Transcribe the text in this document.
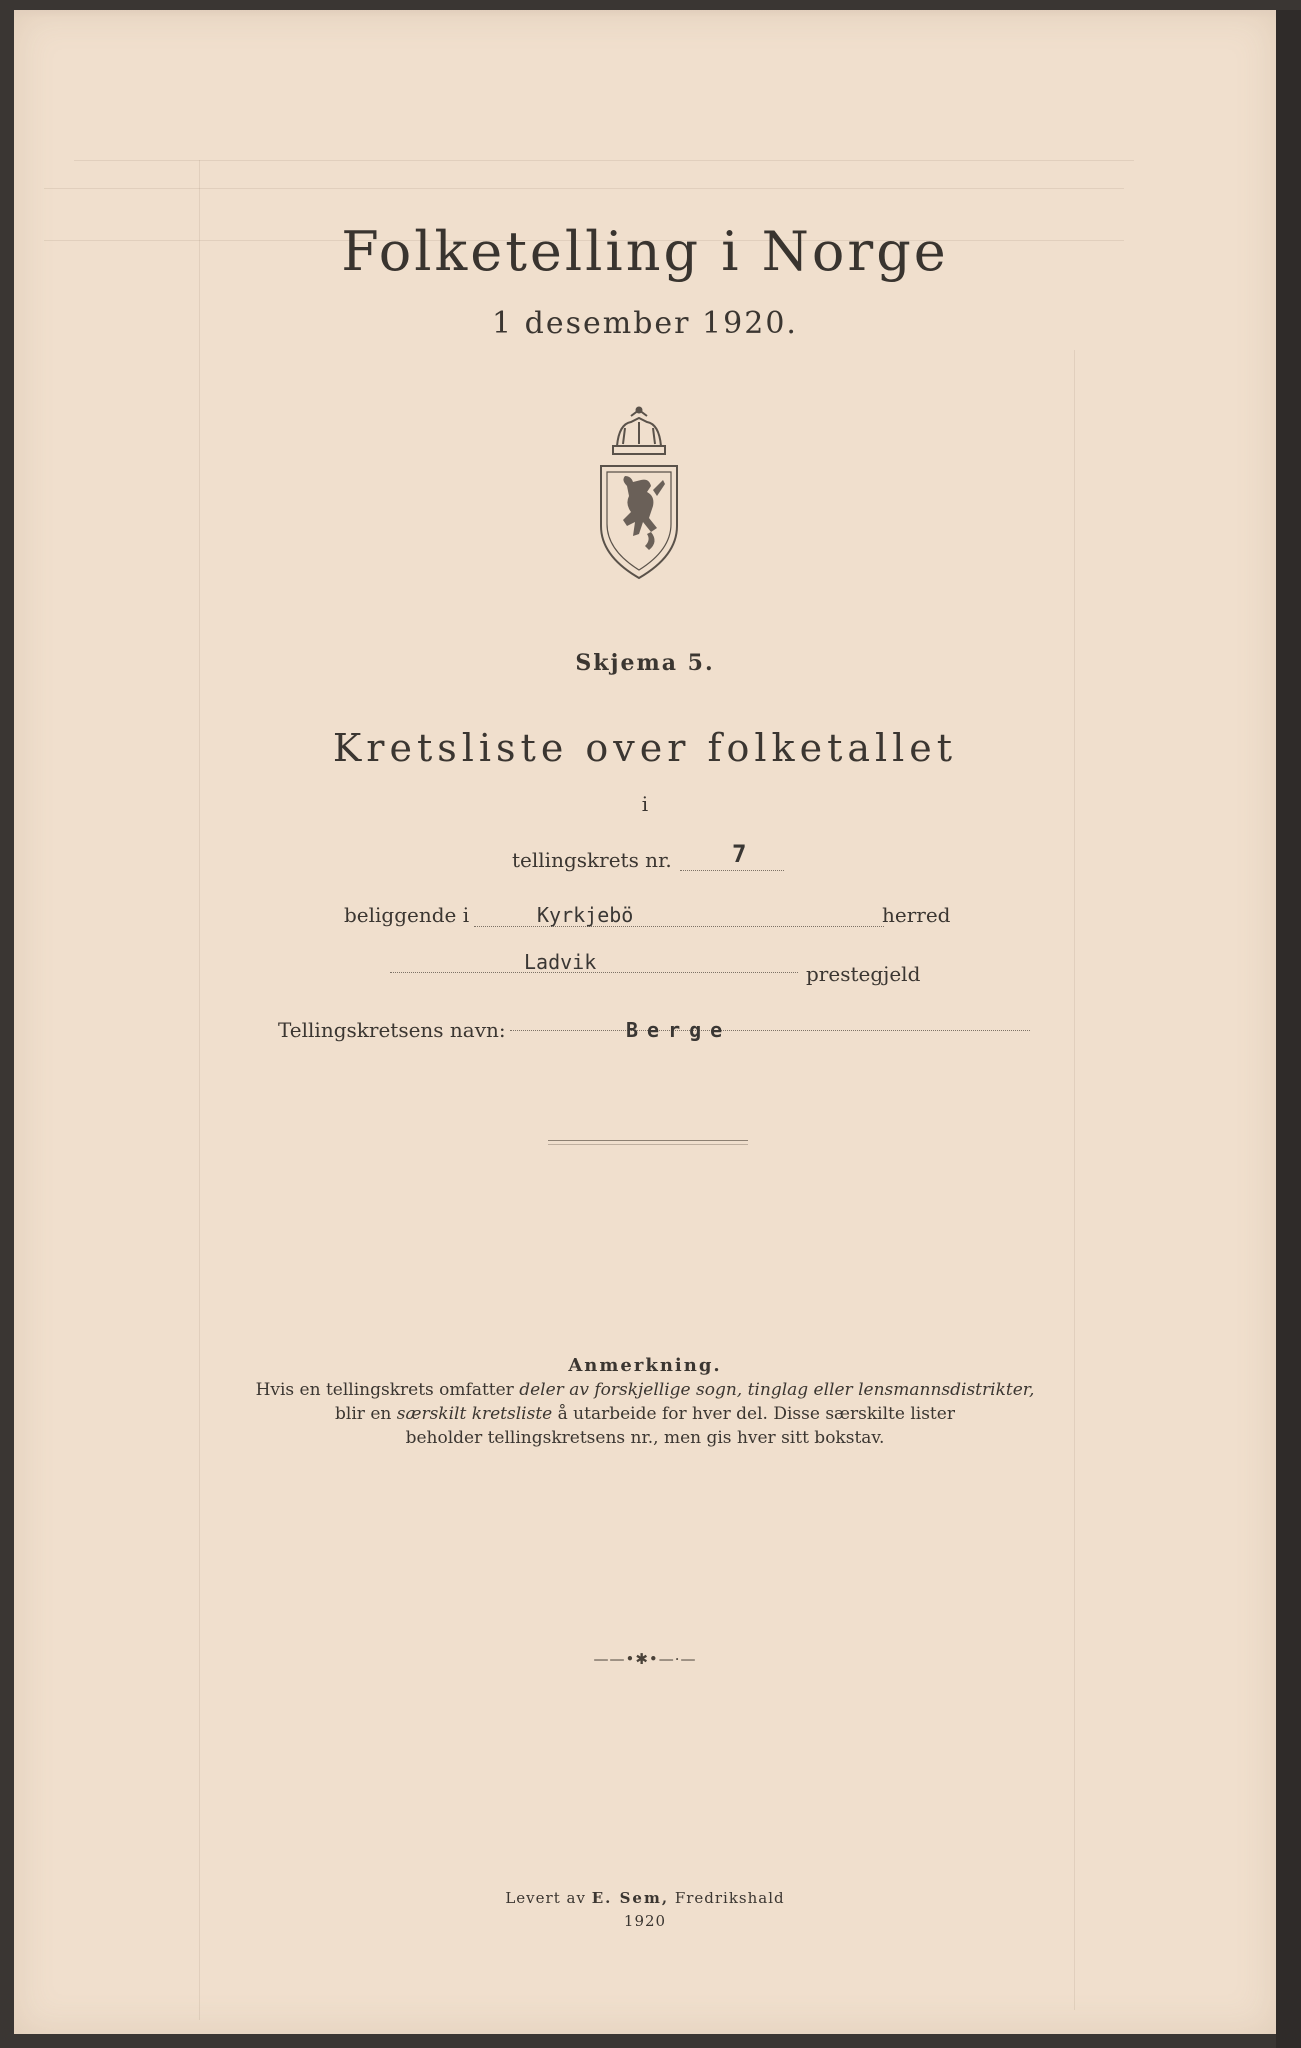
Folketelling i Norge
1 desember 1920.
Skjema 5.
Kretsliste over folketallet
i
tellingskrets nr.	7
beliggende i	Kyrkjebö	herred
Ladvik	prestegjeld
Tellingskretsens navn:	Berge
Anmerkning.
Hvis en tellingskrets omfatter deler av forskjellige sogn, tinglag eller lensmannsdistrikter,
blir en særskilt kretsliste å utarbeide for hver del. Disse særskilte lister
beholder tellingskretsens nr., men gis hver sitt bokstav.
——•✱•—·—
Levert av E. Sem, Fredrikshald
1920
